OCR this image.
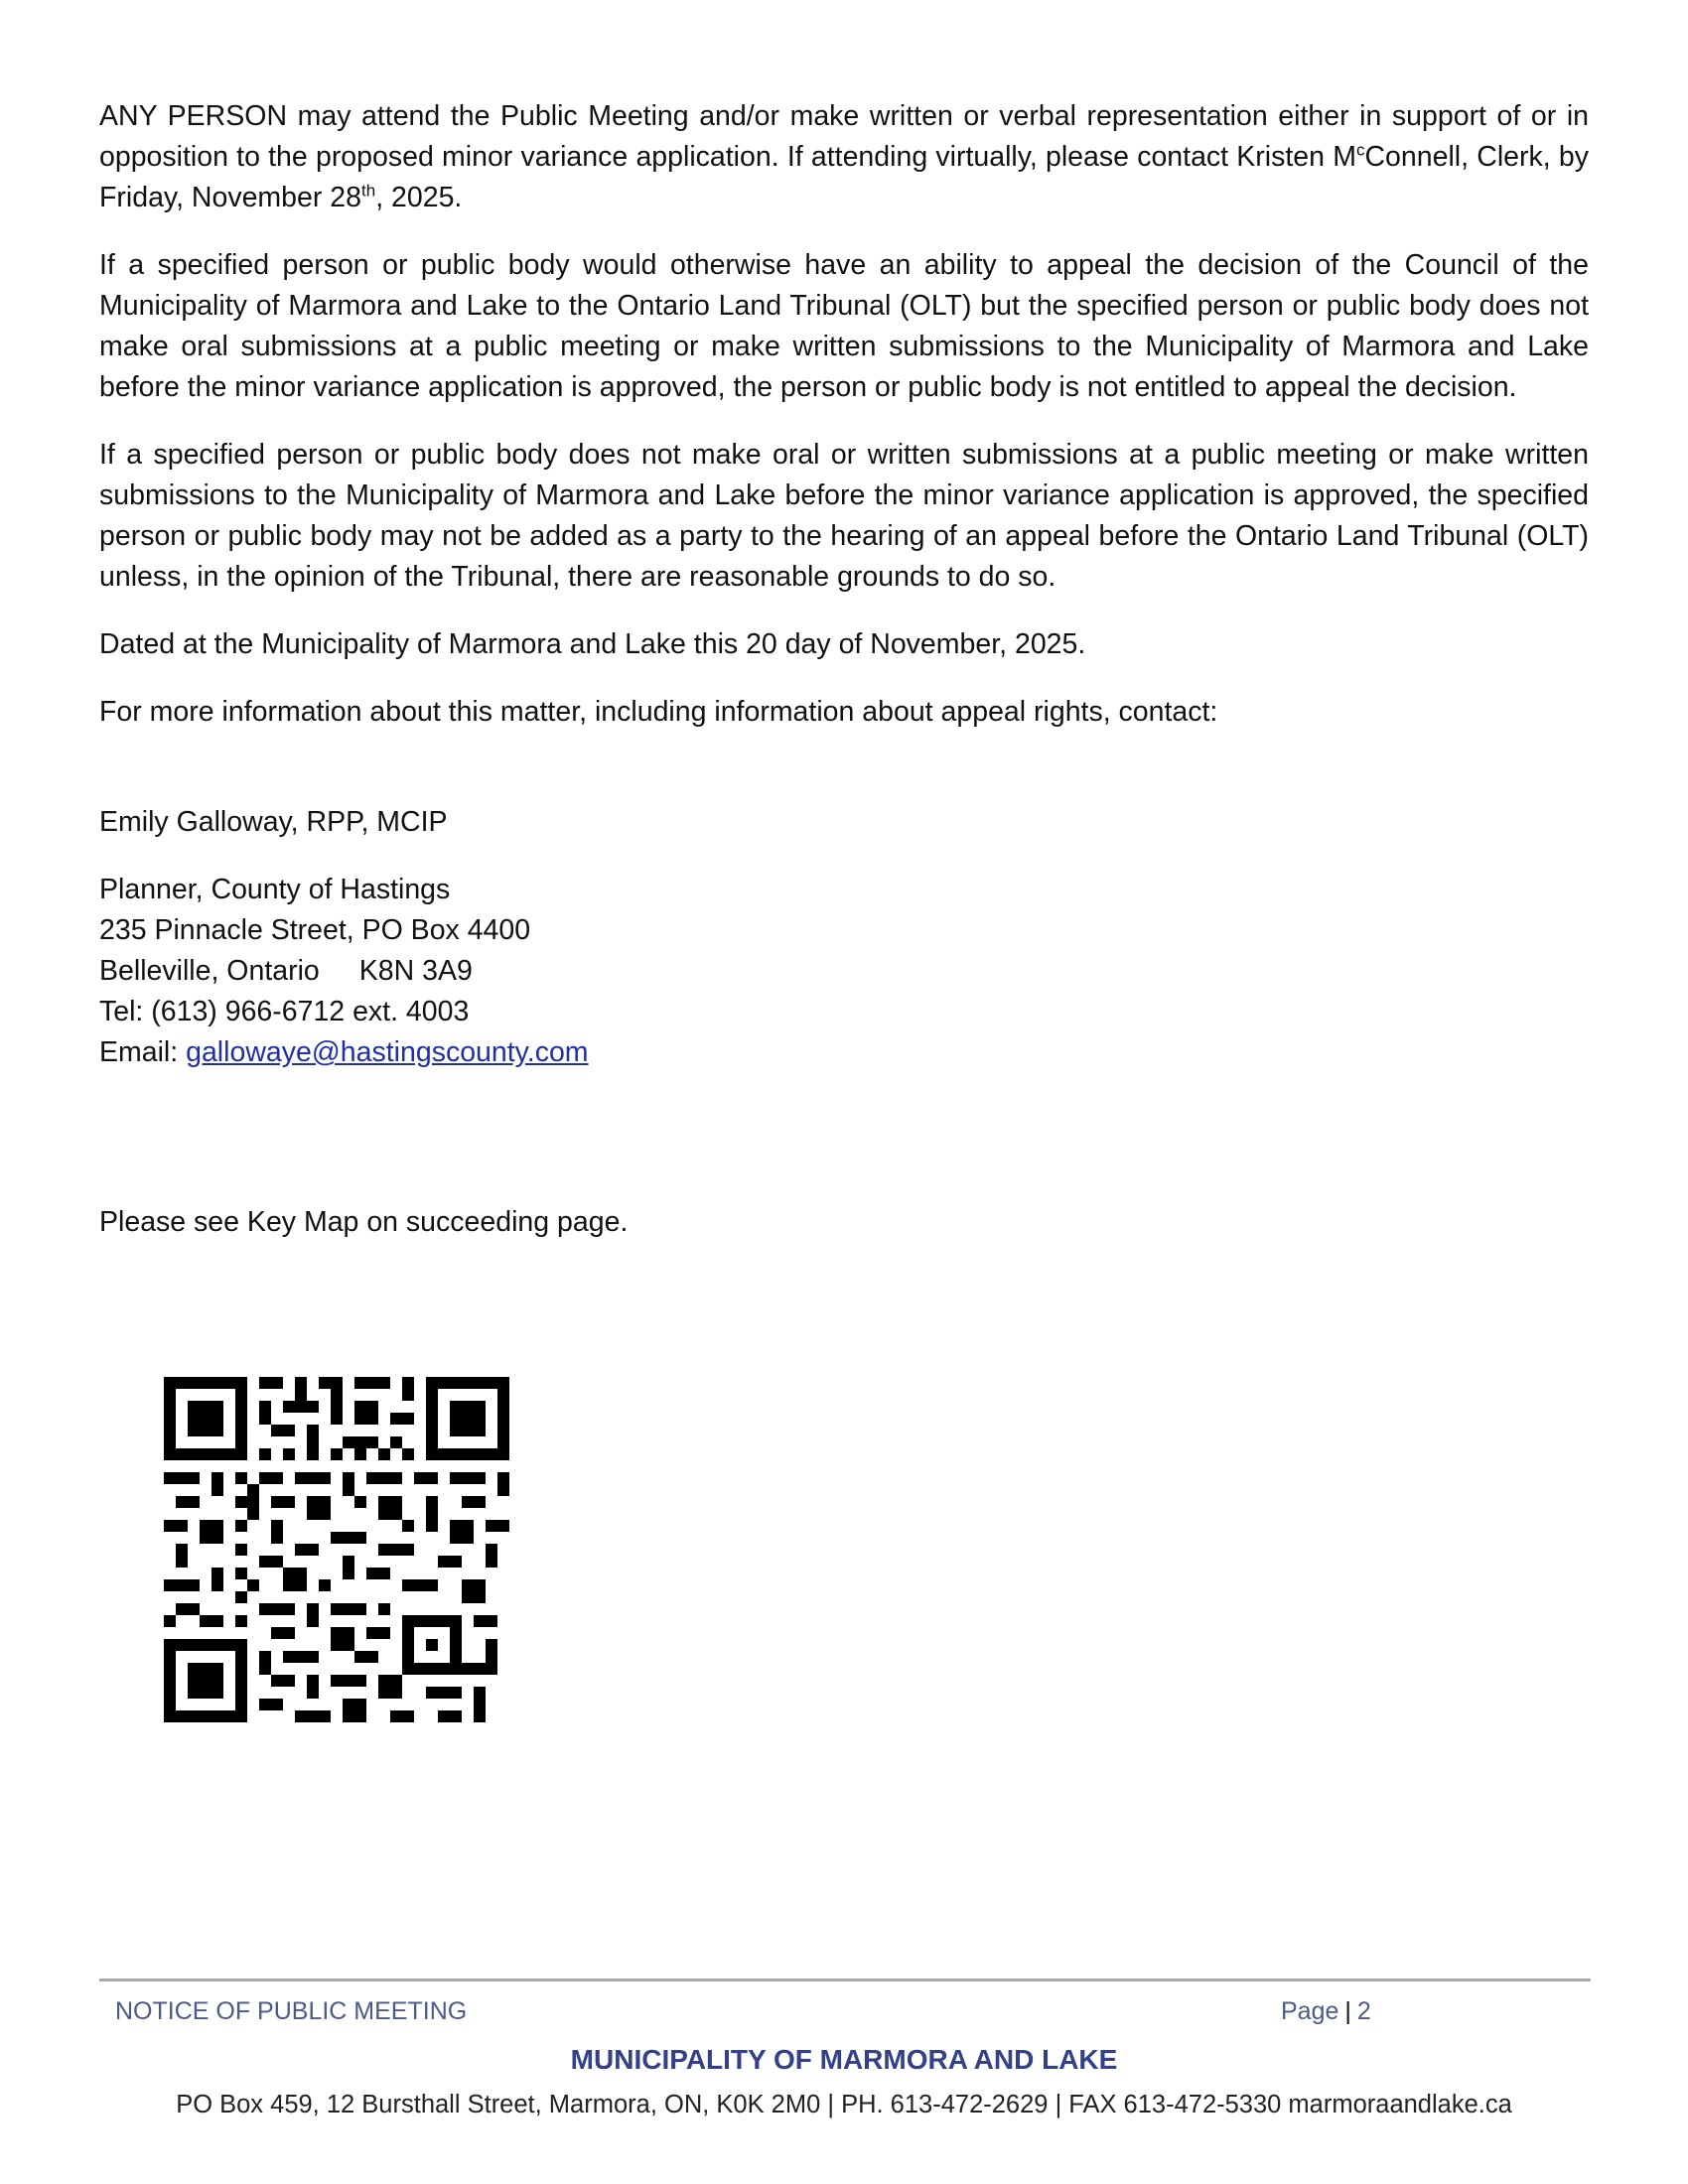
ANY PERSON may attend the Public Meeting and/or make written or verbal representation either in support of or in opposition to the proposed minor variance application. If attending virtually, please contact Kristen $M^cConnell$, Clerk, by Friday, November 28th, 2025.

If a specified person or public body would otherwise have an ability to appeal the decision of the Council of the Municipality of Marmora and Lake to the Ontario Land Tribunal (OLT) but the specified person or public body does not make oral submissions at a public meeting or make written submissions to the Municipality of Marmora and Lake before the minor variance application is approved, the person or public body is not entitled to appeal the decision.

If a specified person or public body does not make oral or written submissions at a public meeting or make written submissions to the Municipality of Marmora and Lake before the minor variance application is approved, the specified person or public body may not be added as a party to the hearing of an appeal before the Ontario Land Tribunal (OLT) unless, in the opinion of the Tribunal, there are reasonable grounds to do so.

Dated at the Municipality of Marmora and Lake this 20 day of November, 2025.

For more information about this matter, including information about appeal rights, contact:

Emily Galloway, RPP, MCIP
Planner, County of Hastings
235 Pinnacle Street, PO Box 4400
Belleville, Ontario K8N 3A9
Tel: (613) 966-6712 ext. 4003
Email: gallowaye@hastingscounty.com
Please see Key Map on succeeding page.
NOTICE OF PUBLIC MEETING	Page | 2
MUNICIPALITY OF MARMORA AND LAKE
PO Box 459, 12 Bursthall Street, Marmora, ON, K0K 2M0 | PH. 613-472-2629 | FAX 613-472-5330 marmoraandlake.ca
